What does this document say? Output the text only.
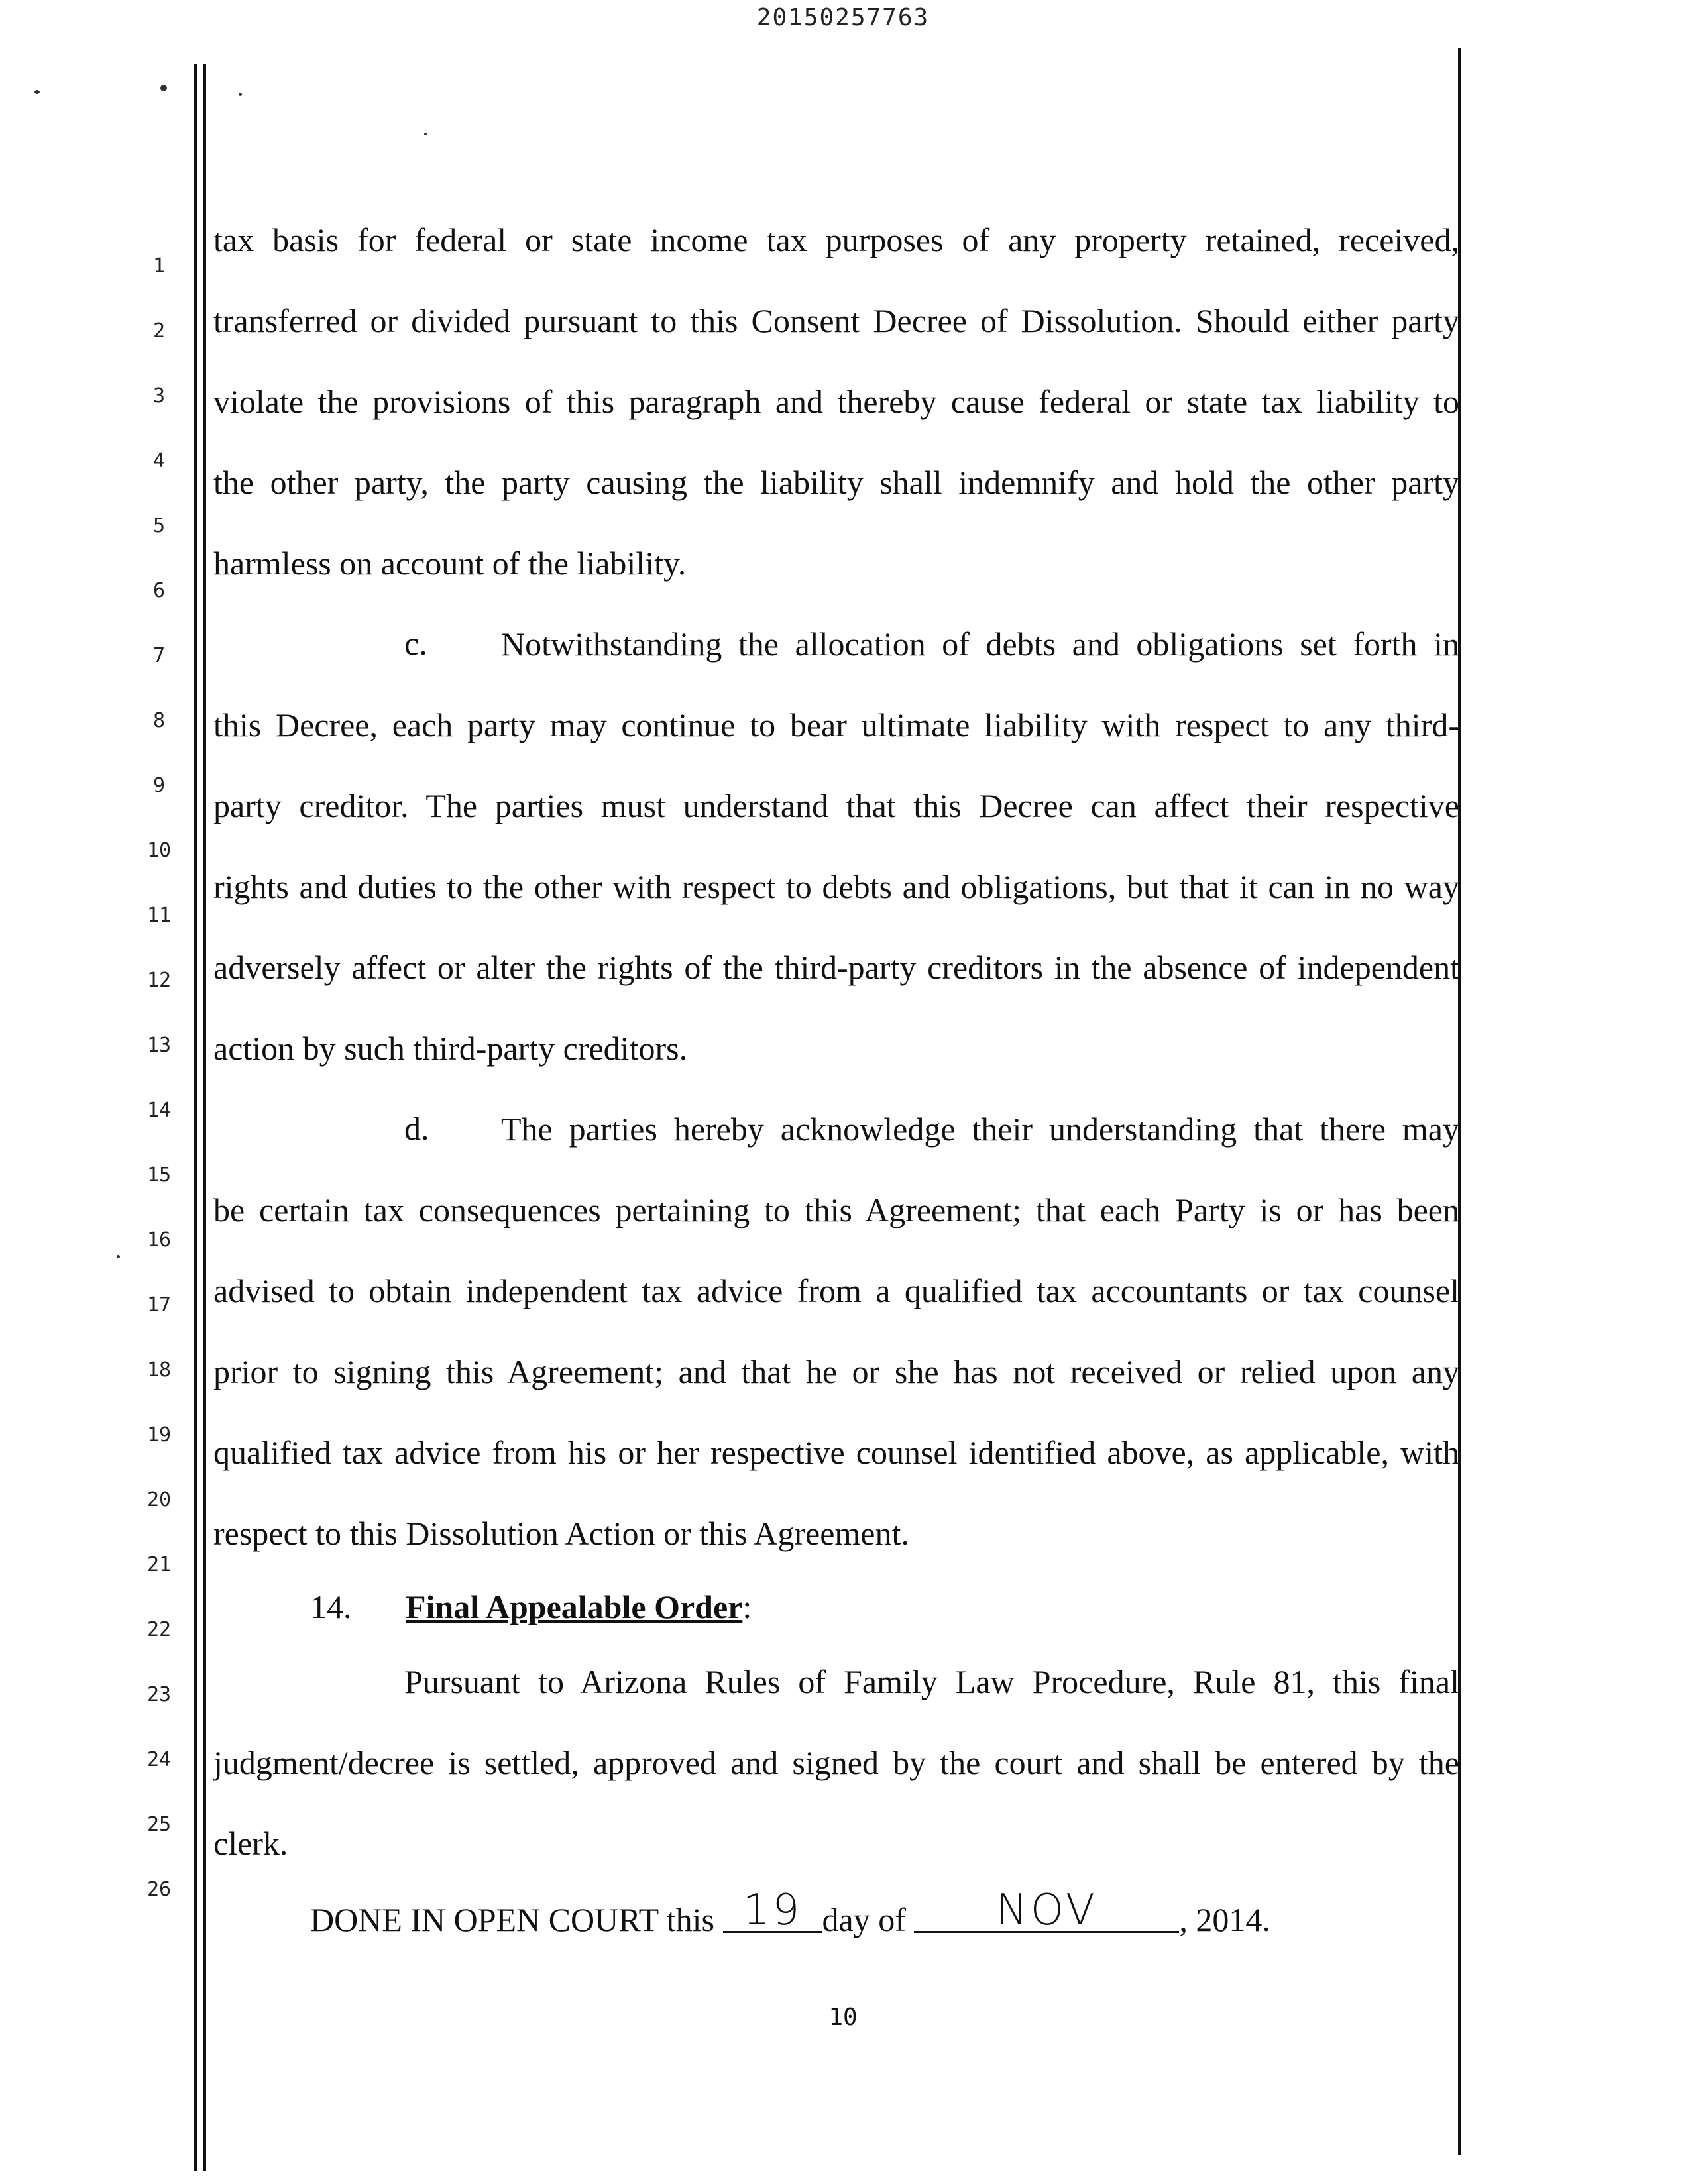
20150257763
1
2
3
4
5
6
7
8
9
10
11
12
13
14
15
16
17
18
19
20
21
22
23
24
25
26
tax basis for federal or state income tax purposes of any property retained, received,
transferred or divided pursuant to this Consent Decree of Dissolution. Should either party
violate the provisions of this paragraph and thereby cause federal or state tax liability to
the other party, the party causing the liability shall indemnify and hold the other party
harmless on account of the liability.
c. Notwithstanding the allocation of debts and obligations set forth in
this Decree, each party may continue to bear ultimate liability with respect to any third-
party creditor. The parties must understand that this Decree can affect their respective
rights and duties to the other with respect to debts and obligations, but that it can in no way
adversely affect or alter the rights of the third-party creditors in the absence of independent
action by such third-party creditors.
d. The parties hereby acknowledge their understanding that there may
be certain tax consequences pertaining to this Agreement; that each Party is or has been
advised to obtain independent tax advice from a qualified tax accountants or tax counsel
prior to signing this Agreement; and that he or she has not received or relied upon any
qualified tax advice from his or her respective counsel identified above, as applicable, with
respect to this Dissolution Action or this Agreement.
14. Final Appealable Order:
Pursuant to Arizona Rules of Family Law Procedure, Rule 81, this final
judgment/decree is settled, approved and signed by the court and shall be entered by the
clerk.
DONE IN OPEN COURT this 19 day of NOV , 2014.
10
